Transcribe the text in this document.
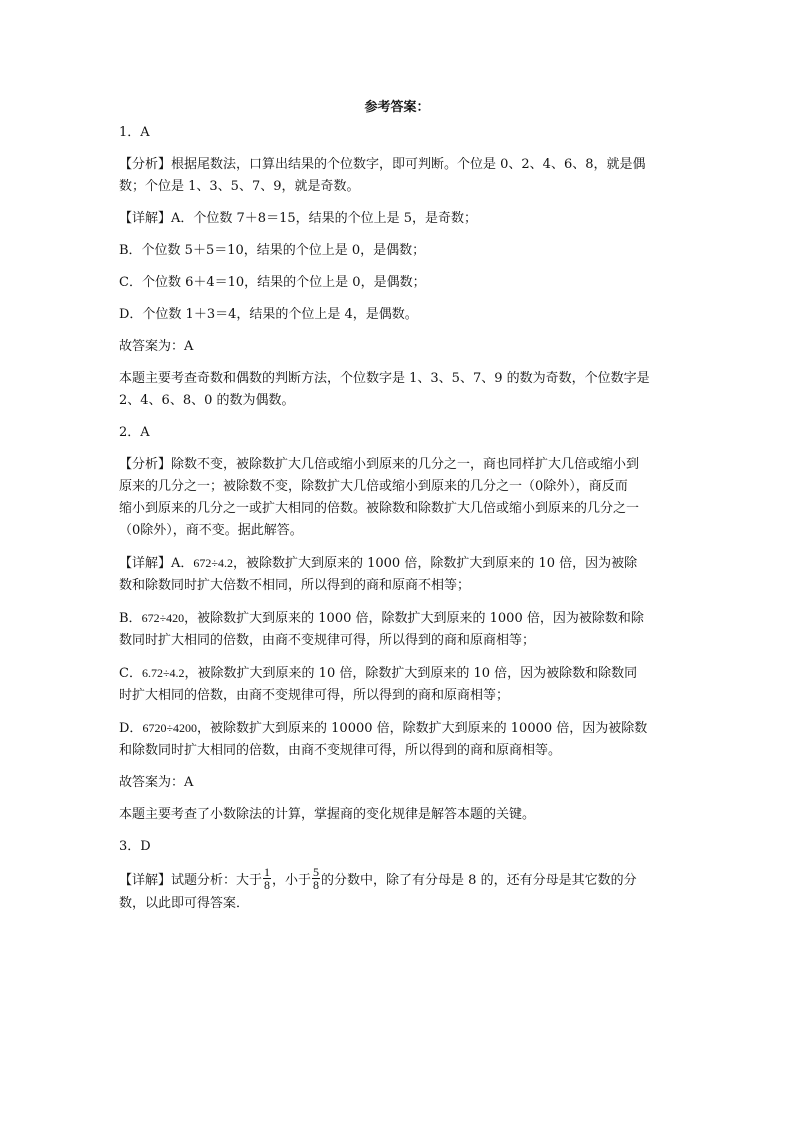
参考答案：

1．A

【分析】根据尾数法，口算出结果的个位数字，即可判断。个位是 0、2、4、6、8，就是偶
数；个位是 1、3、5、7、9，就是奇数。

【详解】A．个位数 7＋8＝15，结果的个位上是 5，是奇数；

B．个位数 5＋5＝10，结果的个位上是 0，是偶数；

C．个位数 6＋4＝10，结果的个位上是 0，是偶数；

D．个位数 1＋3＝4，结果的个位上是 4，是偶数。

故答案为：A

本题主要考查奇数和偶数的判断方法，个位数字是 1、3、5、7、9 的数为奇数，个位数字是
2、4、6、8、0 的数为偶数。

2．A

【分析】除数不变，被除数扩大几倍或缩小到原来的几分之一，商也同样扩大几倍或缩小到
原来的几分之一；被除数不变，除数扩大几倍或缩小到原来的几分之一（0除外），商反而
缩小到原来的几分之一或扩大相同的倍数。被除数和除数扩大几倍或缩小到原来的几分之一
（0除外），商不变。据此解答。

【详解】A．672÷4.2，被除数扩大到原来的 1000 倍，除数扩大到原来的 10 倍，因为被除
数和除数同时扩大倍数不相同，所以得到的商和原商不相等；

B．672÷420，被除数扩大到原来的 1000 倍，除数扩大到原来的 1000 倍，因为被除数和除
数同时扩大相同的倍数，由商不变规律可得，所以得到的商和原商相等；

C．6.72÷4.2，被除数扩大到原来的 10 倍，除数扩大到原来的 10 倍，因为被除数和除数同
时扩大相同的倍数，由商不变规律可得，所以得到的商和原商相等；

D．6720÷4200，被除数扩大到原来的 10000 倍，除数扩大到原来的 10000 倍，因为被除数
和除数同时扩大相同的倍数，由商不变规律可得，所以得到的商和原商相等。

故答案为：A

本题主要考查了小数除法的计算，掌握商的变化规律是解答本题的关键。

3．D

【详解】试题分析：大于 $\frac{1}{8}$ ，小于 $\frac{5}{8}$ 的分数中，除了有分母是 8 的，还有分母是其它数的分
数，以此即可得答案．
